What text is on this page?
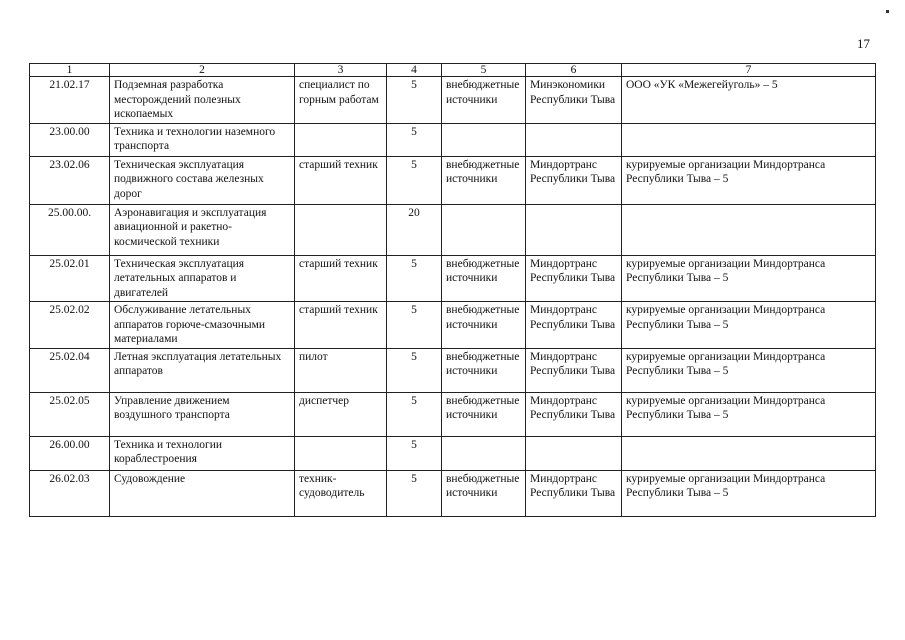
17
1	2	3	4	5	6	7
21.02.17	Подземная разработка месторождений полезных ископаемых	специалист по горным работам	5	внебюджетные источники	Минэкономики Республики Тыва	ООО «УК «Межегейуголь» – 5
23.00.00	Техника и технологии наземного транспорта		5			
23.02.06	Техническая эксплуатация подвижного состава железных дорог	старший техник	5	внебюджетные источники	Миндортранс Республики Тыва	курируемые организации Миндортранса Республики Тыва – 5
25.00.00.	Аэронавигация и эксплуатация авиационной и ракетно-космической техники		20			
25.02.01	Техническая эксплуатация летательных аппаратов и двигателей	старший техник	5	внебюджетные источники	Миндортранс Республики Тыва	курируемые организации Миндортранса Республики Тыва – 5
25.02.02	Обслуживание летательных аппаратов горюче-смазочными материалами	старший техник	5	внебюджетные источники	Миндортранс Республики Тыва	курируемые организации Миндортранса Республики Тыва – 5
25.02.04	Летная эксплуатация летательных аппаратов	пилот	5	внебюджетные источники	Миндортранс Республики Тыва	курируемые организации Миндортранса Республики Тыва – 5
25.02.05	Управление движением воздушного транспорта	диспетчер	5	внебюджетные источники	Миндортранс Республики Тыва	курируемые организации Миндортранса Республики Тыва – 5
26.00.00	Техника и технологии кораблестроения		5			
26.02.03	Судовождение	техник-судоводитель	5	внебюджетные источники	Миндортранс Республики Тыва	курируемые организации Миндортранса Республики Тыва – 5
